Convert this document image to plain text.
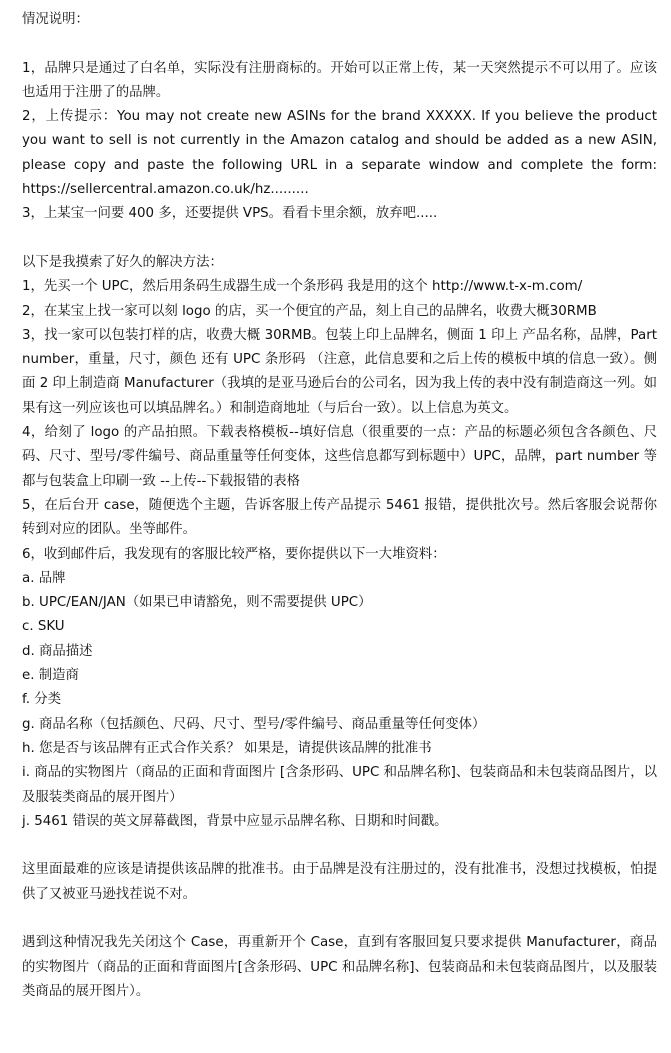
情况说明：

1，品牌只是通过了白名单，实际没有注册商标的。开始可以正常上传，某一天突然提示不可以用了。应该也适用于注册了的品牌。

2，上传提示：You may not create new ASINs for the brand XXXXX. If you believe the product you want to sell is not currently in the Amazon catalog and should be added as a new ASIN, please copy and paste the following URL in a separate window and complete the form: https://sellercentral.amazon.co.uk/hz.........

3，上某宝一问要 400 多，还要提供 VPS。看看卡里余额，放弃吧.....

以下是我摸索了好久的解决方法：

1，先买一个 UPC，然后用条码生成器生成一个条形码 我是用的这个 http://www.t-x-m.com/

2，在某宝上找一家可以刻 logo 的店，买一个便宜的产品，刻上自己的品牌名，收费大概30RMB

3，找一家可以包装打样的店，收费大概 30RMB。包装上印上品牌名，侧面 1 印上 产品名称，品牌，Part number，重量，尺寸，颜色 还有 UPC 条形码 （注意，此信息要和之后上传的模板中填的信息一致）。侧面 2 印上制造商 Manufacturer（我填的是亚马逊后台的公司名，因为我上传的表中没有制造商这一列。如果有这一列应该也可以填品牌名。）和制造商地址（与后台一致）。以上信息为英文。

4，给刻了 logo 的产品拍照。下载表格模板--填好信息（很重要的一点：产品的标题必须包含各颜色、尺码、尺寸、型号/零件编号、商品重量等任何变体，这些信息都写到标题中）UPC，品牌，part number 等都与包装盒上印刷一致 --上传--下载报错的表格

5，在后台开 case，随便选个主题，告诉客服上传产品提示 5461 报错，提供批次号。然后客服会说帮你转到对应的团队。坐等邮件。

6，收到邮件后，我发现有的客服比较严格，要你提供以下一大堆资料：

a. 品牌

b. UPC/EAN/JAN（如果已申请豁免，则不需要提供 UPC）

c. SKU

d. 商品描述

e. 制造商

f. 分类

g. 商品名称（包括颜色、尺码、尺寸、型号/零件编号、商品重量等任何变体）

h. 您是否与该品牌有正式合作关系？ 如果是，请提供该品牌的批准书

i. 商品的实物图片（商品的正面和背面图片 [含条形码、UPC 和品牌名称]、包装商品和未包装商品图片，以及服装类商品的展开图片）

j. 5461 错误的英文屏幕截图，背景中应显示品牌名称、日期和时间戳。

这里面最难的应该是请提供该品牌的批准书。由于品牌是没有注册过的，没有批准书，没想过找模板，怕提供了又被亚马逊找茬说不对。

遇到这种情况我先关闭这个 Case，再重新开个 Case，直到有客服回复只要求提供 Manufacturer，商品的实物图片（商品的正面和背面图片[含条形码、UPC 和品牌名称]、包装商品和未包装商品图片，以及服装类商品的展开图片）。
